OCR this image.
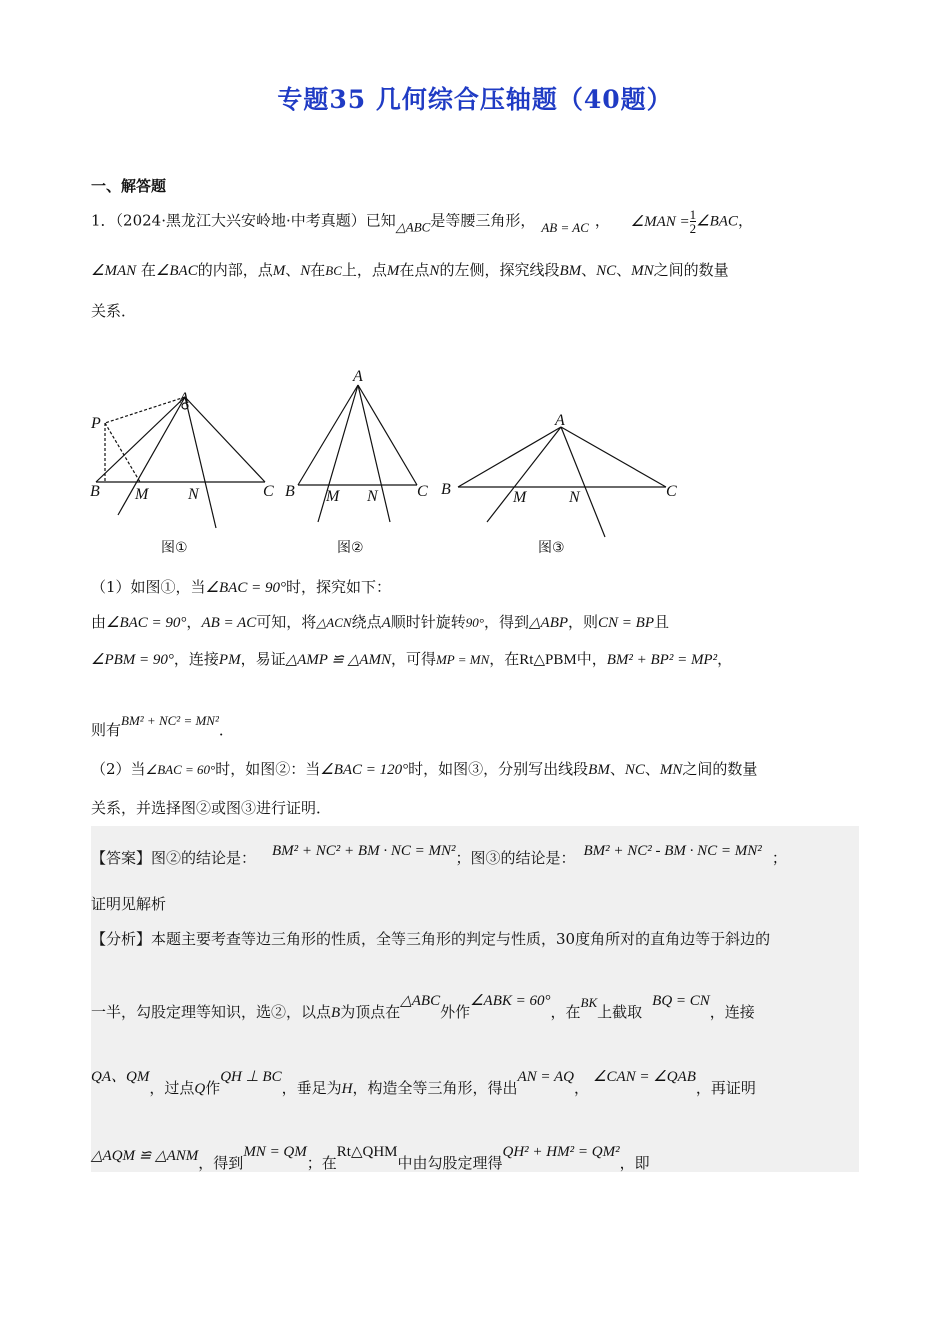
专题35 几何综合压轴题（40题）
一、解答题
1．（2024·黑龙江大兴安岭地·中考真题）已知△ABC是等腰三角形， AB = AC ， ∠MAN = $\frac{1}{2}$ ∠BAC，
∠MAN 在∠BAC的内部，点M、N在BC上，点M在点N的左侧，探究线段BM、NC、MN之间的数量
关系．
A
P
B M N	C
A
B M N C
A
B	M	N	C
图①	图②	图③
（1）如图①，当∠BAC = 90°时，探究如下：
由∠BAC = 90°，AB = AC可知，将△ACN绕点A顺时针旋转90°，得到△ABP，则CN = BP且
∠PBM = 90°，连接PM，易证△AMP ≌ △AMN，可得MP = MN，在Rt△PBM中，BM² + BP² = MP²，
则有BM² + NC² = MN²．
（2）当∠BAC = 60°时，如图②：当∠BAC = 120°时，如图③，分别写出线段BM、NC、MN之间的数量
关系，并选择图②或图③进行证明．
【答案】图②的结论是： BM² + NC² + BM · NC = MN²；图③的结论是： BM² + NC² - BM · NC = MN² ；
证明见解析
【分析】本题主要考查等边三角形的性质，全等三角形的判定与性质，30度角所对的直角边等于斜边的
一半，勾股定理等知识，选②，以点B为顶点在△ABC外作∠ABK = 60°，在BK上截取BQ = CN，连接
QA、QM，过点Q作QH ⊥ BC，垂足为H，构造全等三角形，得出AN = AQ，∠CAN = ∠QAB，再证明
△AQM ≌ △ANM，得到MN = QM；在Rt△QHM中由勾股定理得QH² + HM² = QM²，即
